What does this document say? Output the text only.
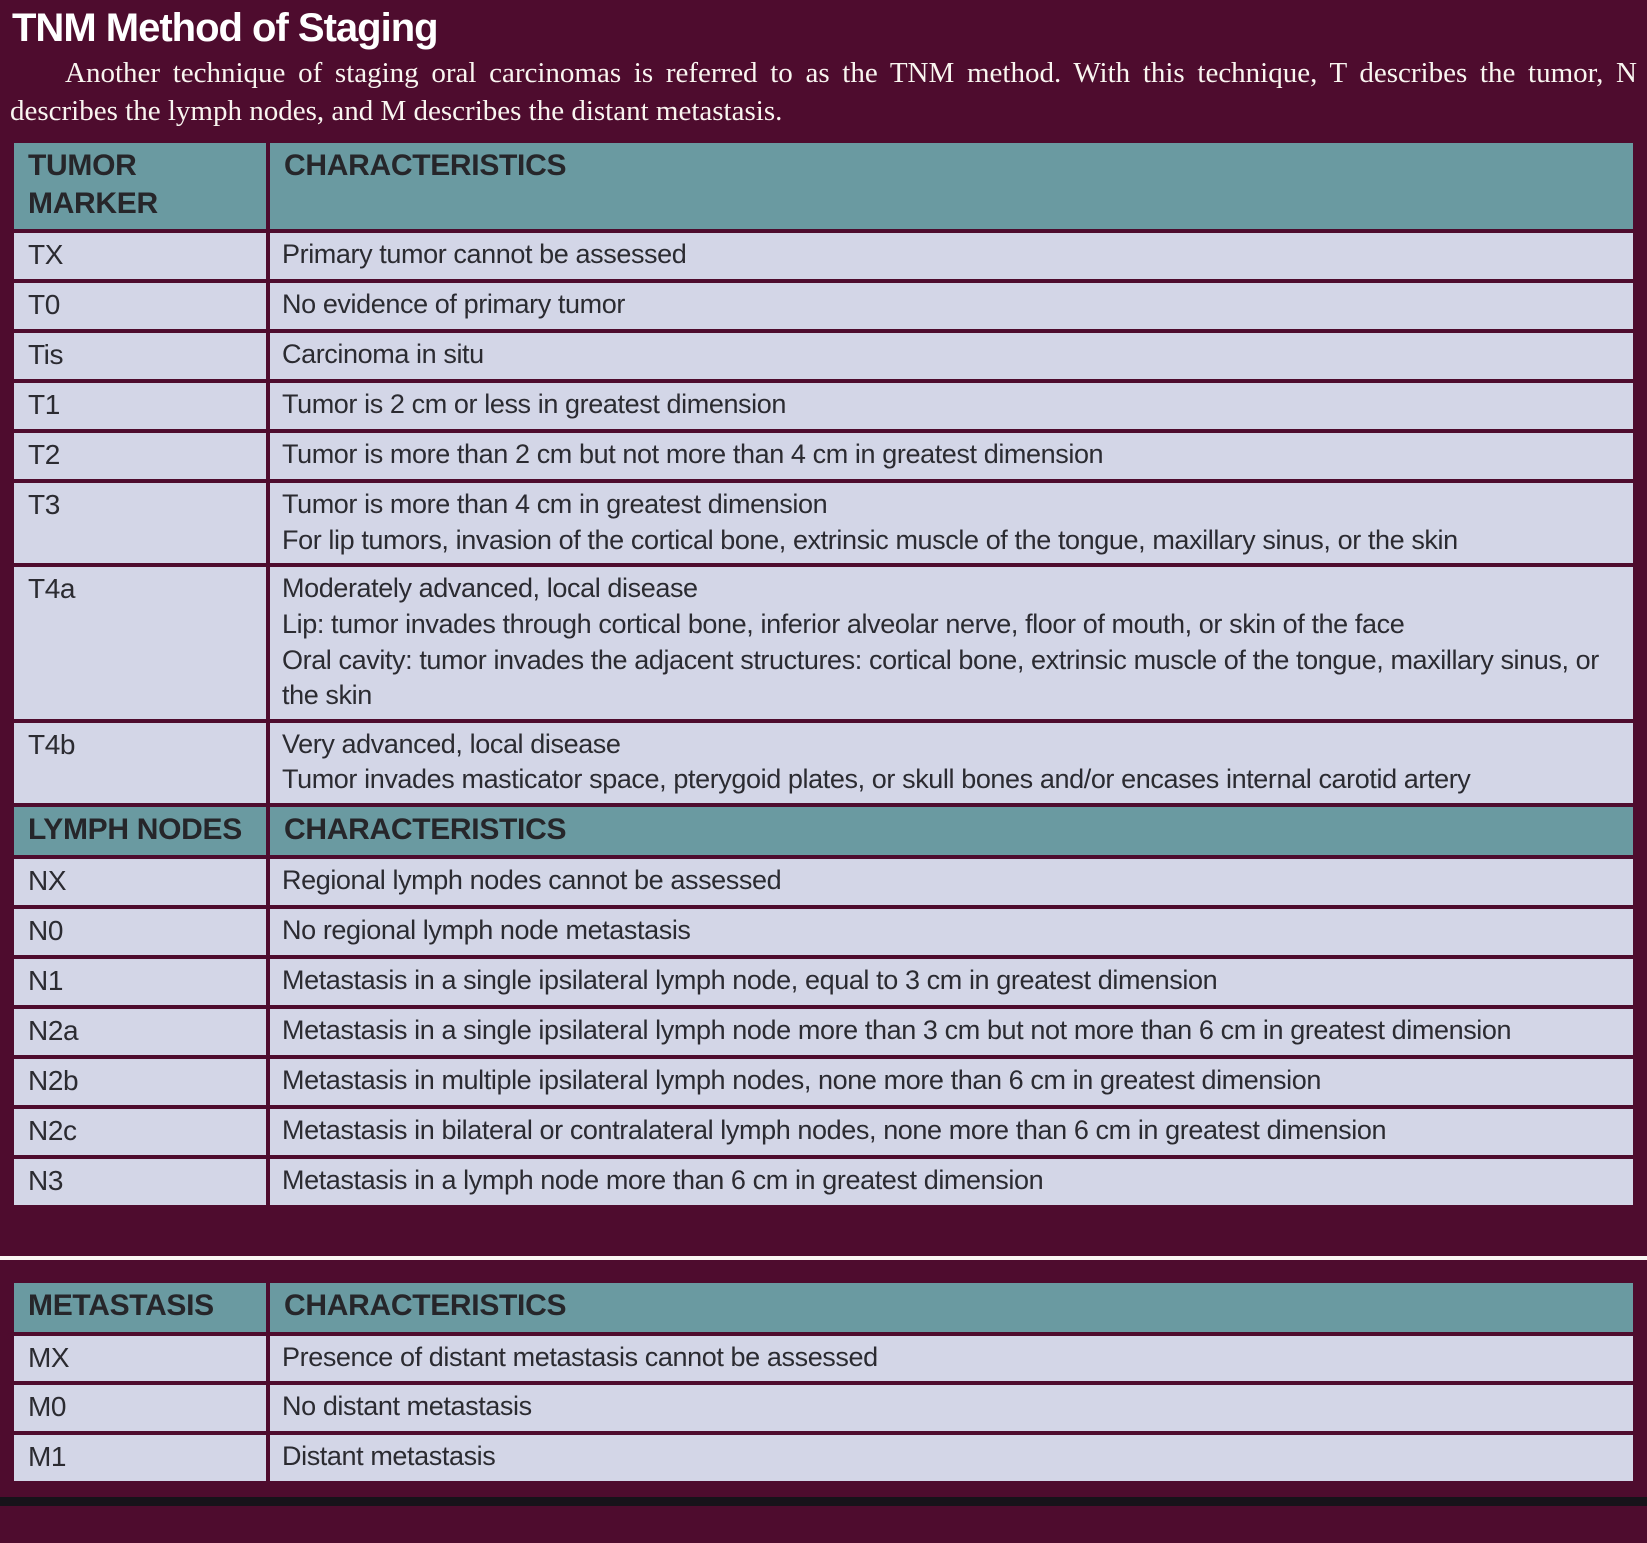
TNM Method of Staging

Another technique of staging oral carcinomas is referred to as the TNM method. With this technique, T describes the tumor, N describes the lymph nodes, and M describes the distant metastasis.

TUMOR MARKER	CHARACTERISTICS
TX	Primary tumor cannot be assessed

T0	No evidence of primary tumor

Tis	Carcinoma in situ

T1	Tumor is 2 cm or less in greatest dimension

T2	Tumor is more than 2 cm but not more than 4 cm in greatest dimension

T3	Tumor is more than 4 cm in greatest dimension
For lip tumors, invasion of the cortical bone, extrinsic muscle of the tongue, maxillary sinus, or the skin

T4a	Moderately advanced, local disease
Lip: tumor invades through cortical bone, inferior alveolar nerve, floor of mouth, or skin of the face
Oral cavity: tumor invades the adjacent structures: cortical bone, extrinsic muscle of the tongue, maxillary sinus, or the skin

T4b	Very advanced, local disease
Tumor invades masticator space, pterygoid plates, or skull bones and/or encases internal carotid artery

LYMPH NODES	CHARACTERISTICS
NX	Regional lymph nodes cannot be assessed

N0	No regional lymph node metastasis

N1	Metastasis in a single ipsilateral lymph node, equal to 3 cm in greatest dimension

N2a	Metastasis in a single ipsilateral lymph node more than 3 cm but not more than 6 cm in greatest dimension

N2b	Metastasis in multiple ipsilateral lymph nodes, none more than 6 cm in greatest dimension

N2c	Metastasis in bilateral or contralateral lymph nodes, none more than 6 cm in greatest dimension

N3	Metastasis in a lymph node more than 6 cm in greatest dimension
METASTASIS	CHARACTERISTICS
MX	Presence of distant metastasis cannot be assessed

M0	No distant metastasis

M1	Distant metastasis
